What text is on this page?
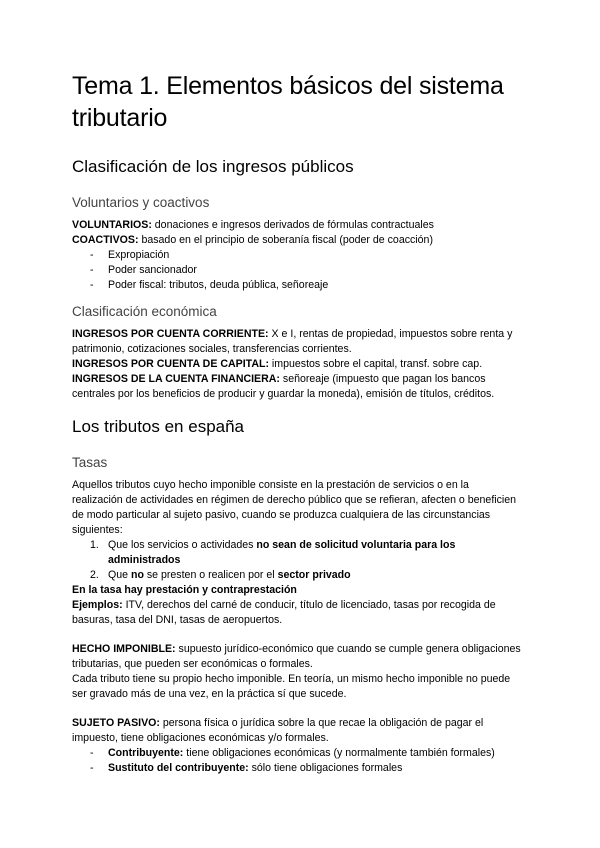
Tema 1. Elementos básicos del sistema tributario
Clasificación de los ingresos públicos
Voluntarios y coactivos

VOLUNTARIOS: donaciones e ingresos derivados de fórmulas contractuales

COACTIVOS: basado en el principio de soberanía fiscal (poder de coacción)

- Expropiación
- Poder sancionador
- Poder fiscal: tributos, deuda pública, señoreaje
Clasificación económica

INGRESOS POR CUENTA CORRIENTE: X e I, rentas de propiedad, impuestos sobre renta y patrimonio, cotizaciones sociales, transferencias corrientes.

INGRESOS POR CUENTA DE CAPITAL: impuestos sobre el capital, transf. sobre cap.

INGRESOS DE LA CUENTA FINANCIERA: señoreaje (impuesto que pagan los bancos centrales por los beneficios de producir y guardar la moneda), emisión de títulos, créditos.

Los tributos en españa
Tasas

Aquellos tributos cuyo hecho imponible consiste en la prestación de servicios o en la realización de actividades en régimen de derecho público que se refieran, afecten o beneficien de modo particular al sujeto pasivo, cuando se produzca cualquiera de las circunstancias siguientes:

1. Que los servicios o actividades no sean de solicitud voluntaria para los administrados
2. Que no se presten o realicen por el sector privado

En la tasa hay prestación y contraprestación

Ejemplos: ITV, derechos del carné de conducir, título de licenciado, tasas por recogida de basuras, tasa del DNI, tasas de aeropuertos.

HECHO IMPONIBLE: supuesto jurídico-económico que cuando se cumple genera obligaciones tributarias, que pueden ser económicas o formales.

Cada tributo tiene su propio hecho imponible. En teoría, un mismo hecho imponible no puede ser gravado más de una vez, en la práctica sí que sucede.

SUJETO PASIVO: persona física o jurídica sobre la que recae la obligación de pagar el impuesto, tiene obligaciones económicas y/o formales.

- Contribuyente: tiene obligaciones económicas (y normalmente también formales)
- Sustituto del contribuyente: sólo tiene obligaciones formales
